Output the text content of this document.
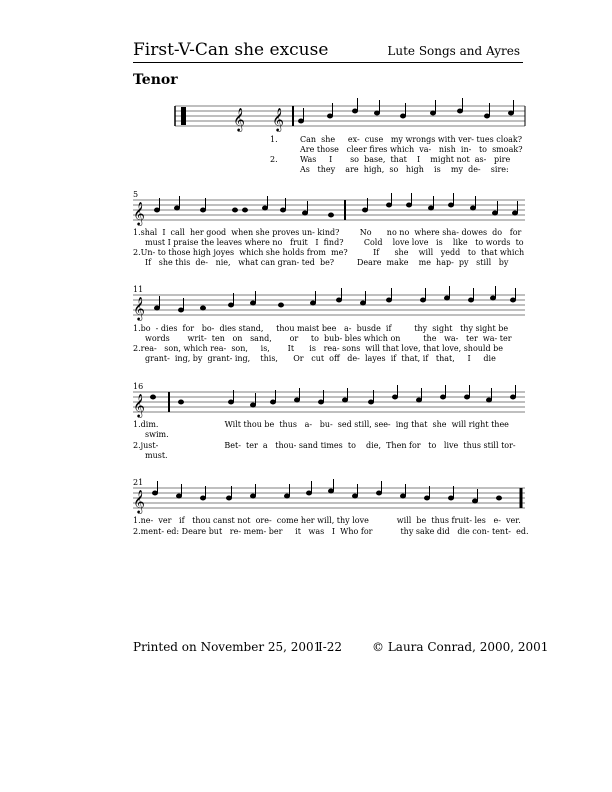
First-V-Can she excuse	Lute Songs and Ayres
Tenor
𝄞 𝄞
1.	Can  she     ex-  cuse   my wrongs with ver- tues cloak?
Are those   cleer fires which  va-   nish  in-   to  smoak?
2.	Was     I       so  base,  that    I    might not  as-   pire
As   they    are  high,  so   high    is    my  de-    sire:
5
𝄞
1.shal  I  call  her good  when she proves un- kind?        No      no no  where sha- dowes  do   for
must I praise the leaves where no   fruit   I  find?        Cold    love love   is    like   to words  to
2.Un- to those high joyes  which she holds from  me?          If      she    will   yedd   to  that which
If   she this  de-   nie,   what can gran- ted  be?         Deare  make    me  hap-  py   still   by
11
𝄞
1.bo  - dies  for   bo-  dies stand,     thou maist bee   a-  busde  if         thy  sight   thy sight be
words       writ-  ten   on   sand,       or     to  bub- bles which on         the   wa-   ter  wa- ter
2.rea-   son, which rea-  son,     is,       It      is   rea- sons  will that love, that love, should be
grant-  ing, by  grant- ing,    this,      Or   cut  off   de-  layes  if  that, if   that,     I     die
16
𝄞
1.dim.                          Wilt thou be  thus   a-   bu-  sed still, see-  ing that  she  will right thee
swim.
2.just-                          Bet-  ter  a   thou- sand times  to    die,  Then for   to   live  thus still tor-
must.
21
𝄞
1.ne-  ver   if   thou canst not  ore-  come her will, thy love           will  be  thus fruit- les   e-  ver.
2.ment- ed: Deare but   re- mem- ber     it   was   I  Who for           thy sake did   die con- tent-  ed.
Printed on November 25, 2001
I-22 © Laura Conrad, 2000, 2001
